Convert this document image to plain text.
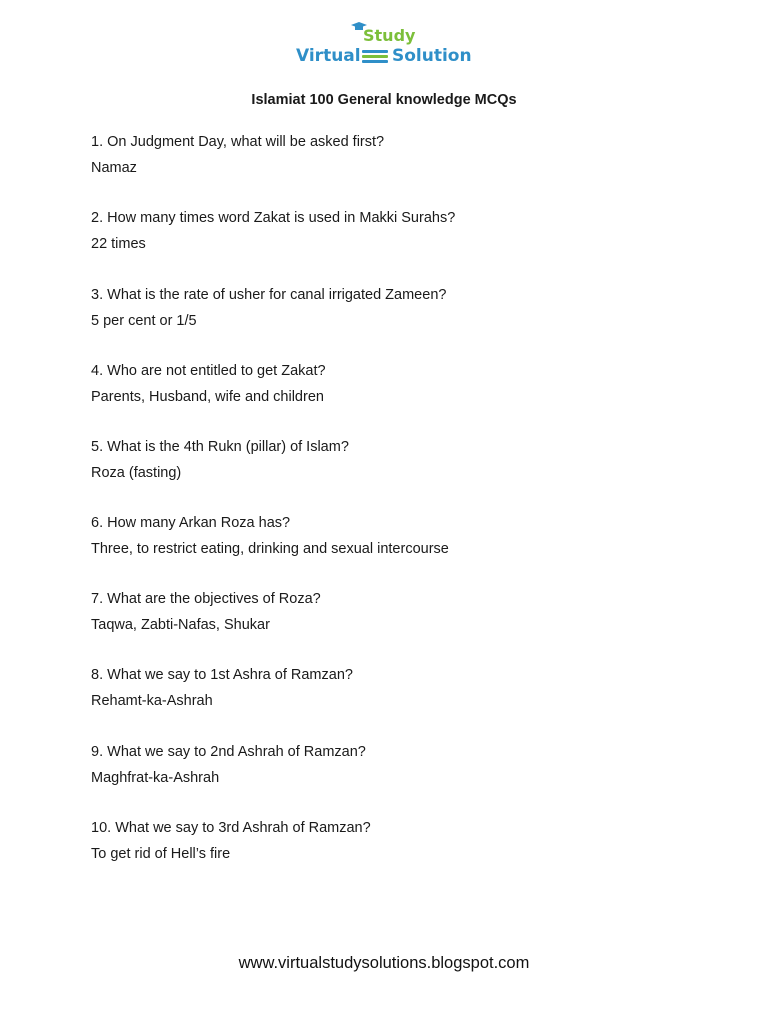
Study
Virtual Solution
Islamiat 100 General knowledge MCQs
1. On Judgment Day, what will be asked first?
Namaz
2. How many times word Zakat is used in Makki Surahs?
22 times
3. What is the rate of usher for canal irrigated Zameen?
5 per cent or 1/5
4. Who are not entitled to get Zakat?
Parents, Husband, wife and children
5. What is the 4th Rukn (pillar) of Islam?
Roza (fasting)
6. How many Arkan Roza has?
Three, to restrict eating, drinking and sexual intercourse
7. What are the objectives of Roza?
Taqwa, Zabti-Nafas, Shukar
8. What we say to 1st Ashra of Ramzan?
Rehamt-ka-Ashrah
9. What we say to 2nd Ashrah of Ramzan?
Maghfrat-ka-Ashrah
10. What we say to 3rd Ashrah of Ramzan?
To get rid of Hell’s fire
www.virtualstudysolutions.blogspot.com
